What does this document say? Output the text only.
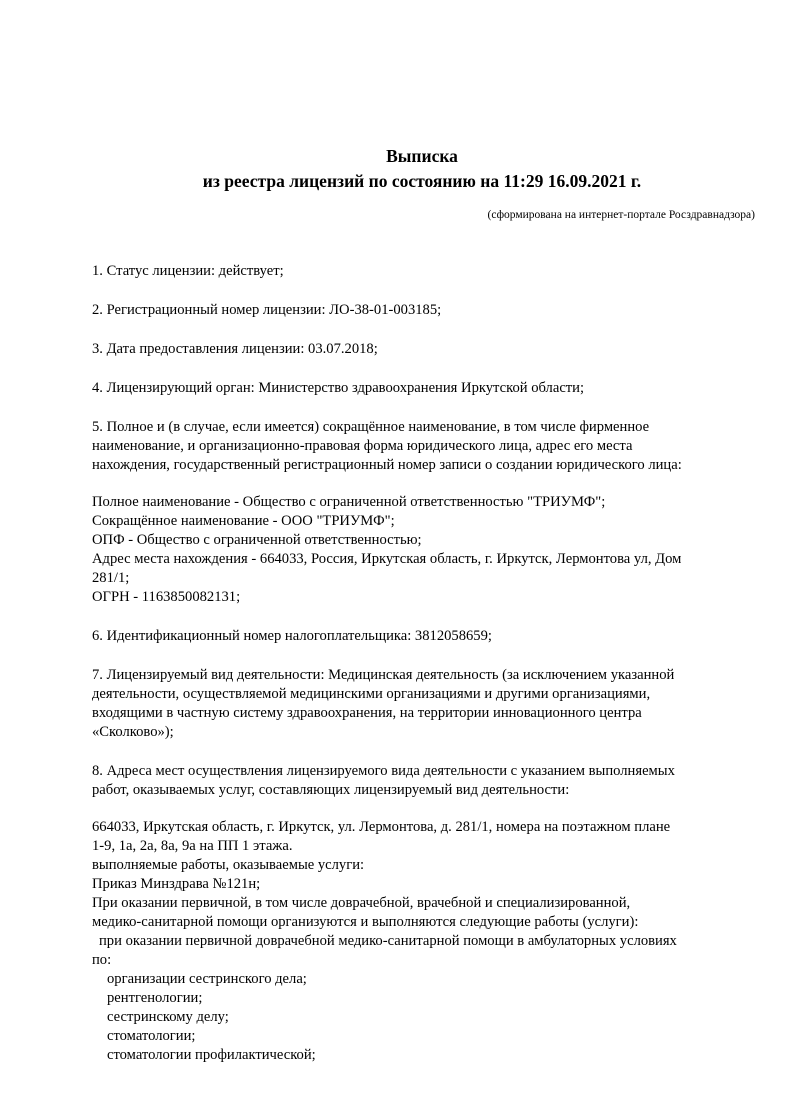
Выписка
из реестра лицензий по состоянию на 11:29 16.09.2021 г.
(сформирована на интернет-портале Росздравнадзора)

1. Статус лицензии: действует;

2. Регистрационный номер лицензии: ЛО-38-01-003185;

3. Дата предоставления лицензии: 03.07.2018;

4. Лицензирующий орган: Министерство здравоохранения Иркутской области;

5. Полное и (в случае, если имеется) сокращённое наименование, в том числе фирменное
наименование, и организационно-правовая форма юридического лица, адрес его места
нахождения, государственный регистрационный номер записи о создании юридического лица:
Полное наименование - Общество с ограниченной ответственностью "ТРИУМФ";
Сокращённое наименование - ООО "ТРИУМФ";
ОПФ - Общество с ограниченной ответственностью;
Адрес места нахождения - 664033, Россия, Иркутская область, г. Иркутск, Лермонтова ул, Дом
281/1;
ОГРН - 1163850082131;

6. Идентификационный номер налогоплательщика: 3812058659;

7. Лицензируемый вид деятельности: Медицинская деятельность (за исключением указанной
деятельности, осуществляемой медицинскими организациями и другими организациями,
входящими в частную систему здравоохранения, на территории инновационного центра
«Сколково»);
8. Адреса мест осуществления лицензируемого вида деятельности с указанием выполняемых
работ, оказываемых услуг, составляющих лицензируемый вид деятельности:
664033, Иркутская область, г. Иркутск, ул. Лермонтова, д. 281/1, номера на поэтажном плане
1-9, 1а, 2а, 8а, 9а на ПП 1 этажа.
выполняемые работы, оказываемые услуги:
Приказ Минздрава №121н;
При оказании первичной, в том числе доврачебной, врачебной и специализированной,
медико-санитарной помощи организуются и выполняются следующие работы (услуги):
при оказании первичной доврачебной медико-санитарной помощи в амбулаторных условиях
по:
организации сестринского дела;
рентгенологии;
сестринскому делу;
стоматологии;
стоматологии профилактической;
